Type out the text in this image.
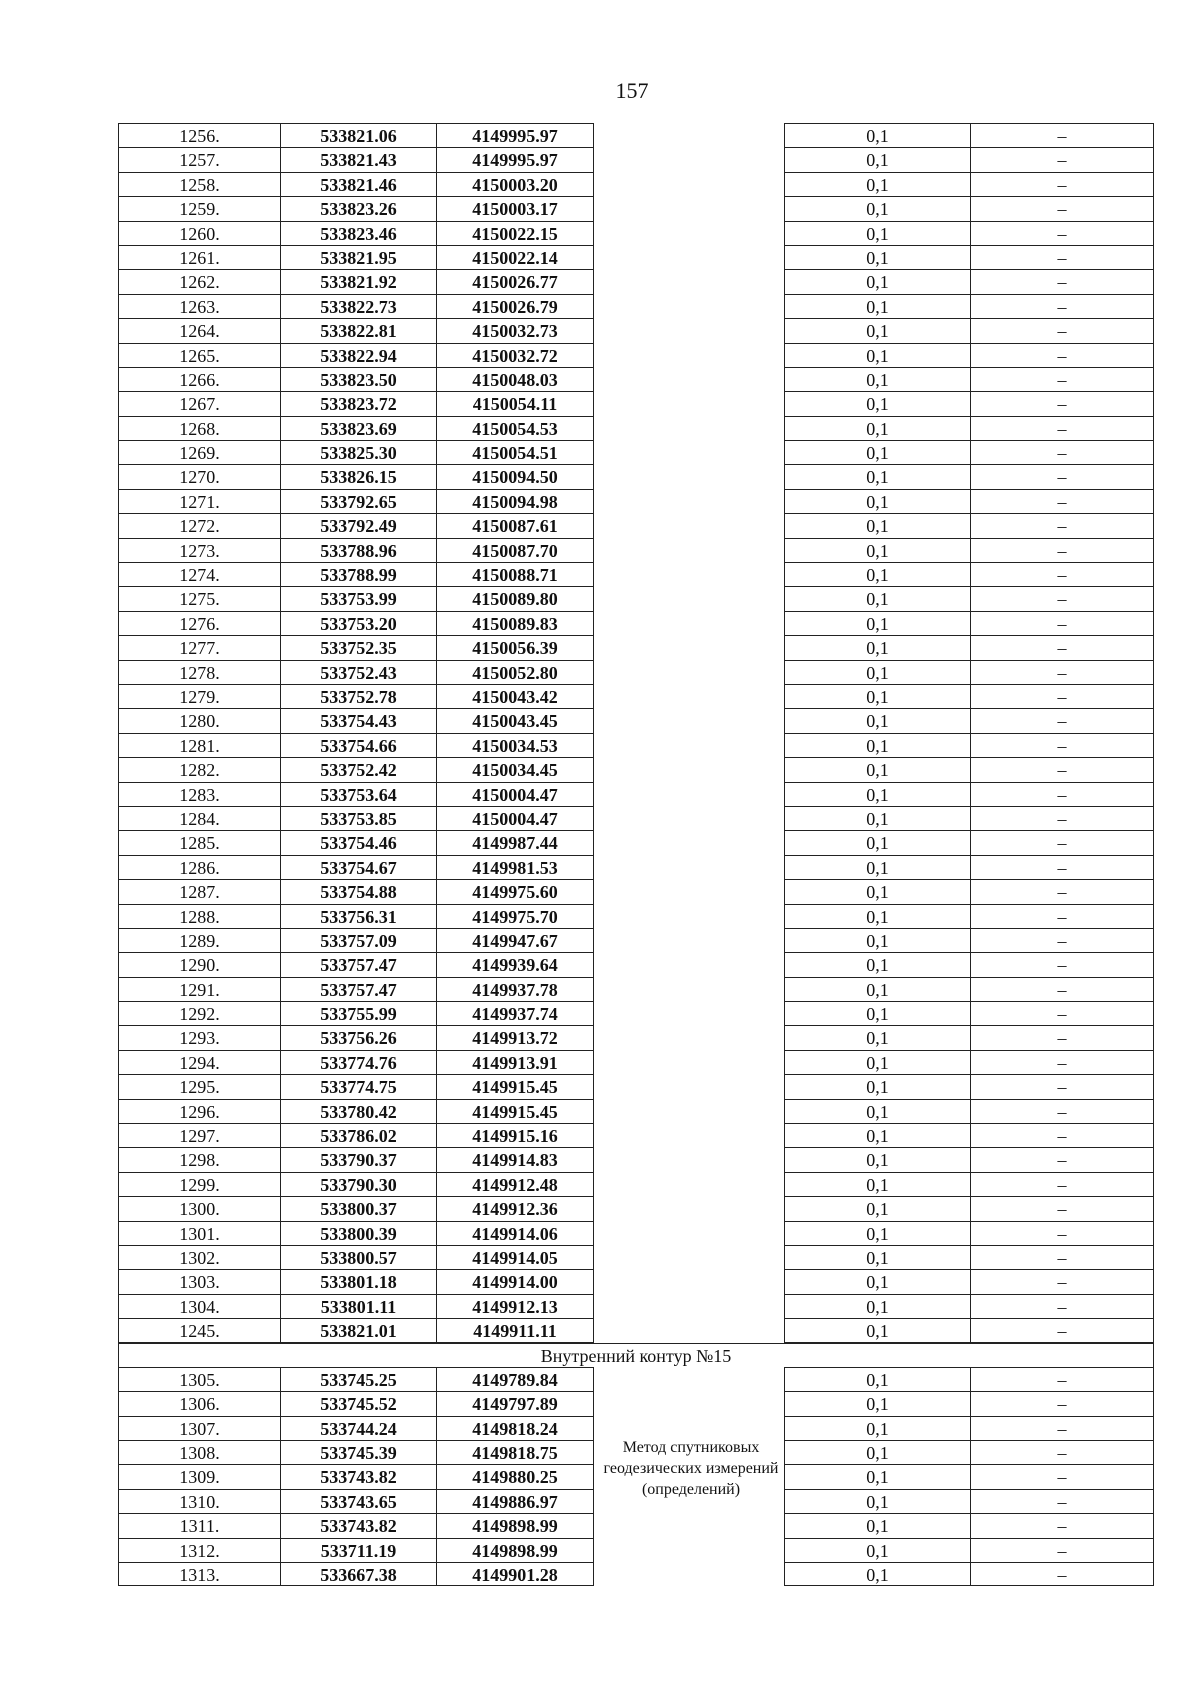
157
1256.	533821.06	4149995.97	0,1	–
1257.	533821.43	4149995.97	0,1	–
1258.	533821.46	4150003.20	0,1	–
1259.	533823.26	4150003.17	0,1	–
1260.	533823.46	4150022.15	0,1	–
1261.	533821.95	4150022.14	0,1	–
1262.	533821.92	4150026.77	0,1	–
1263.	533822.73	4150026.79	0,1	–
1264.	533822.81	4150032.73	0,1	–
1265.	533822.94	4150032.72	0,1	–
1266.	533823.50	4150048.03	0,1	–
1267.	533823.72	4150054.11	0,1	–
1268.	533823.69	4150054.53	0,1	–
1269.	533825.30	4150054.51	0,1	–
1270.	533826.15	4150094.50	0,1	–
1271.	533792.65	4150094.98	0,1	–
1272.	533792.49	4150087.61	0,1	–
1273.	533788.96	4150087.70	0,1	–
1274.	533788.99	4150088.71	0,1	–
1275.	533753.99	4150089.80	0,1	–
1276.	533753.20	4150089.83	0,1	–
1277.	533752.35	4150056.39	0,1	–
1278.	533752.43	4150052.80	0,1	–
1279.	533752.78	4150043.42	0,1	–
1280.	533754.43	4150043.45	0,1	–
1281.	533754.66	4150034.53	0,1	–
1282.	533752.42	4150034.45	0,1	–
1283.	533753.64	4150004.47	0,1	–
1284.	533753.85	4150004.47	0,1	–
1285.	533754.46	4149987.44	0,1	–
1286.	533754.67	4149981.53	0,1	–
1287.	533754.88	4149975.60	0,1	–
1288.	533756.31	4149975.70	0,1	–
1289.	533757.09	4149947.67	0,1	–
1290.	533757.47	4149939.64	0,1	–
1291.	533757.47	4149937.78	0,1	–
1292.	533755.99	4149937.74	0,1	–
1293.	533756.26	4149913.72	0,1	–
1294.	533774.76	4149913.91	0,1	–
1295.	533774.75	4149915.45	0,1	–
1296.	533780.42	4149915.45	0,1	–
1297.	533786.02	4149915.16	0,1	–
1298.	533790.37	4149914.83	0,1	–
1299.	533790.30	4149912.48	0,1	–
1300.	533800.37	4149912.36	0,1	–
1301.	533800.39	4149914.06	0,1	–
1302.	533800.57	4149914.05	0,1	–
1303.	533801.18	4149914.00	0,1	–
1304.	533801.11	4149912.13	0,1	–
1245.	533821.01	4149911.11	0,1	–
Внутренний контур №15
1305.	533745.25	4149789.84	0,1	–
1306.	533745.52	4149797.89	0,1	–
1307.	533744.24	4149818.24	0,1	–
1308.	533745.39	4149818.75	0,1	–
1309.	533743.82	4149880.25	0,1	–
1310.	533743.65	4149886.97	0,1	–
1311.	533743.82	4149898.99	0,1	–
1312.	533711.19	4149898.99	0,1	–
1313.	533667.38	4149901.28	0,1	–
Метод спутниковых геодезических измерений (определений)
